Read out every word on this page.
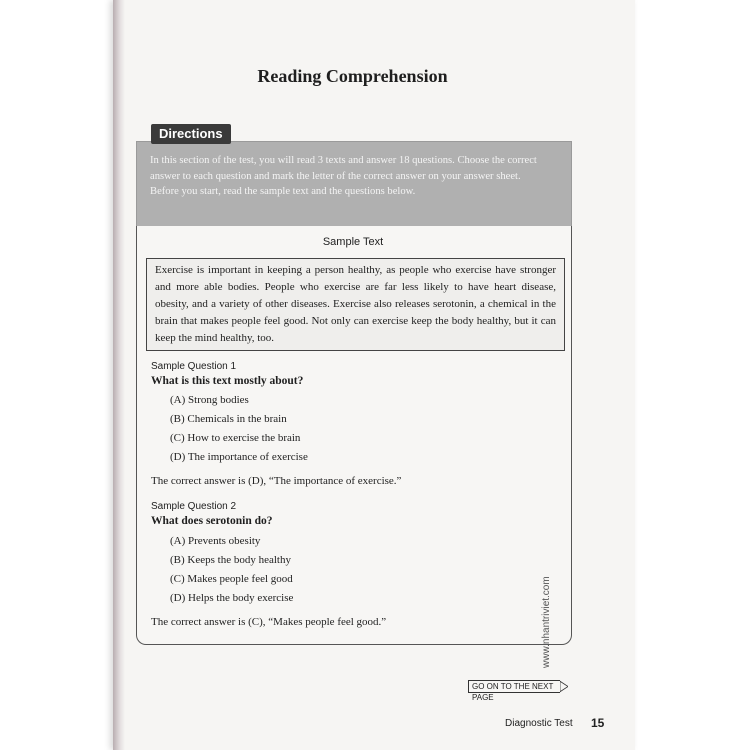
Reading Comprehension
Directions

In this section of the test, you will read 3 texts and answer 18 questions. Choose the correct answer to each question and mark the letter of the correct answer on your answer sheet.

Before you start, read the sample text and the questions below.

Sample Text
Exercise is important in keeping a person healthy, as people who exercise have stronger and more able bodies. People who exercise are far less likely to have heart disease, obesity, and a variety of other diseases. Exercise also releases serotonin, a chemical in the brain that makes people feel good. Not only can exercise keep the body healthy, but it can keep the mind healthy, too.
Sample Question 1
What is this text mostly about?
(A) Strong bodies
(B) Chemicals in the brain
(C) How to exercise the brain
(D) The importance of exercise
The correct answer is (D), “The importance of exercise.”
Sample Question 2
What does serotonin do?
(A) Prevents obesity
(B) Keeps the body healthy
(C) Makes people feel good
(D) Helps the body exercise
The correct answer is (C), “Makes people feel good.”
GO ON TO THE NEXT PAGE
Diagnostic Test 15
www.nhantriviet.com
